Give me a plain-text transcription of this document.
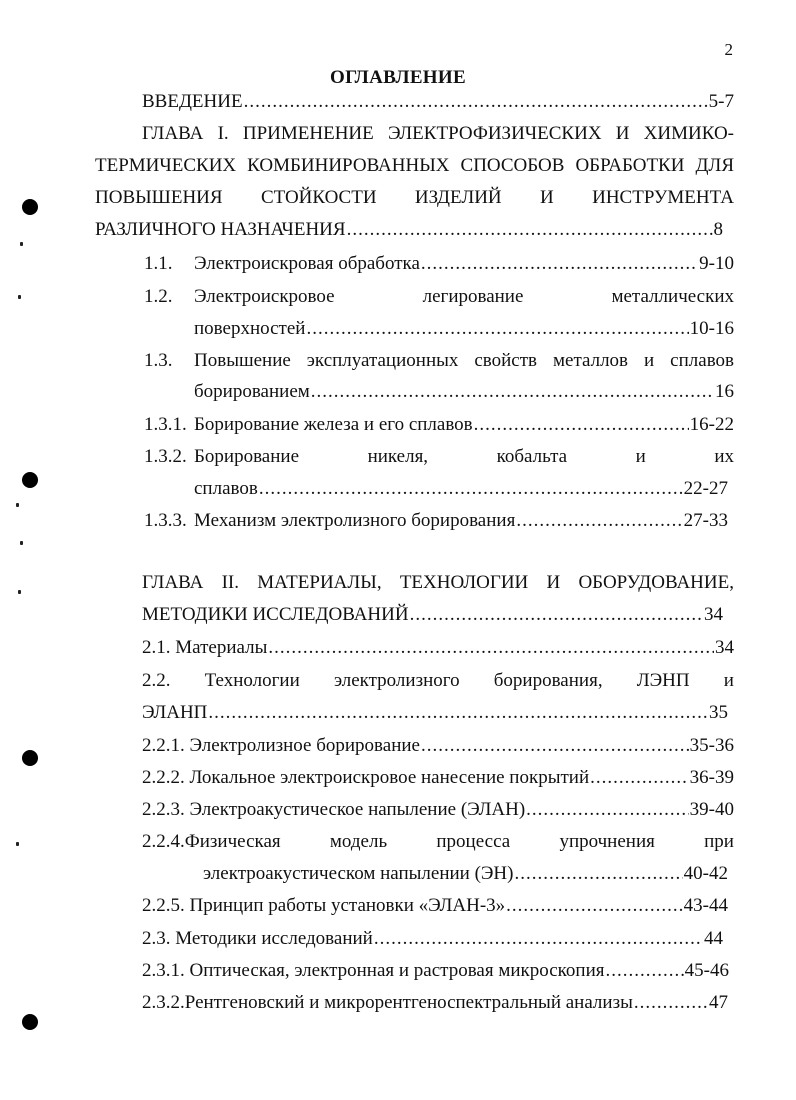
2
ОГЛАВЛЕНИЕ
ВВЕДЕНИЕ .....	5-7
ГЛАВА I. ПРИМЕНЕНИЕ ЭЛЕКТРОФИЗИЧЕСКИХ И ХИМИКО-
ТЕРМИЧЕСКИХ КОМБИНИРОВАННЫХ СПОСОБОВ ОБРАБОТКИ ДЛЯ
ПОВЫШЕНИЯ СТОЙКОСТИ ИЗДЕЛИЙ И ИНСТРУМЕНТА
РАЗЛИЧНОГО НАЗНАЧЕНИЯ .....	8
1.1. Электроискровая обработка .....	9-10
1.2.	Электроискровое	легирование	металлических
поверхностей .....	10-16
1.3.	Повышение эксплуатационных свойств металлов и сплавов
борированием .....	16
1.3.1. Борирование железа и его сплавов .....	16-22
1.3.2. Борирование	никеля,	кобальта	и	их
сплавов .....	22-27
1.3.3. Механизм электролизного борирования .....	27-33
ГЛАВА II. МАТЕРИАЛЫ, ТЕХНОЛОГИИ И ОБОРУДОВАНИЕ,
МЕТОДИКИ ИССЛЕДОВАНИЙ .....	34
2.1. Материалы .....	34
2.2. Технологии электролизного борирования, ЛЭНП и
ЭЛАНП .....	35
2.2.1. Электролизное борирование .....	35-36
2.2.2. Локальное электроискровое нанесение покрытий .....	36-39
2.2.3. Электроакустическое напыление (ЭЛАН) .....	39-40
2.2.4.Физическая	модель	процесса	упрочнения	при
электроакустическом напылении (ЭН) .....	40-42
2.2.5. Принцип работы установки «ЭЛАН-3» .....	43-44
2.3. Методики исследований .....	44
2.3.1. Оптическая, электронная и растровая микроскопия .....	45-46
2.3.2.Рентгеновский и микрорентгеноспектральный анализы .....	47
